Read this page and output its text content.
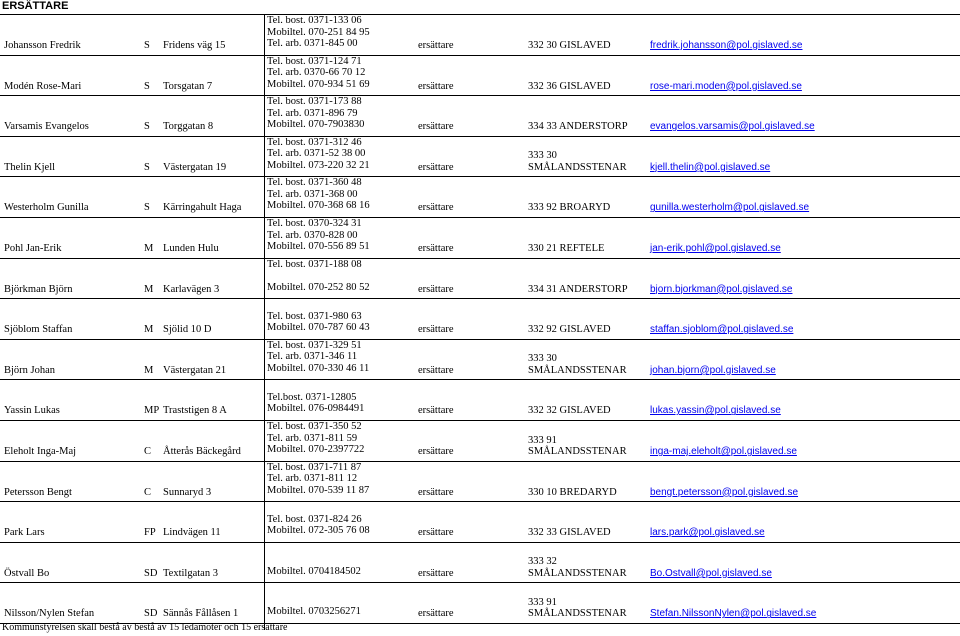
ERSÄTTARE
Johansson Fredrik	S Fridens väg 15
Tel. bost. 0371-133 06
Mobiltel. 070-251 84 95
Tel. arb. 0371-845 00	ersättare	332 30 GISLAVED	fredrik.johansson@pol.gislaved.se
Modén Rose-Mari	S Torsgatan 7
Tel. bost. 0371-124 71
Tel. arb. 0370-66 70 12
Mobiltel. 070-934 51 69	ersättare	332 36 GISLAVED	rose-mari.moden@pol.gislaved.se
Varsamis Evangelos	S Torggatan 8
Tel. bost. 0371-173 88
Tel. arb. 0371-896 79
Mobiltel. 070-7903830	ersättare	334 33 ANDERSTORP evangelos.varsamis@pol.gislaved.se
Thelin Kjell	S Västergatan 19
Tel. bost. 0371-312 46
Tel. arb. 0371-52 38 00
Mobiltel. 073-220 32 21	ersättare
333 30
SMÅLANDSSTENAR kjell.thelin@pol.gislaved.se
Westerholm Gunilla	S Kärringahult Haga
Tel. bost. 0371-360 48
Tel. arb. 0371-368 00
Mobiltel. 070-368 68 16	ersättare	333 92 BROARYD	gunilla.westerholm@pol.gislaved.se
Pohl Jan-Erik	M Lunden Hulu
Tel. bost. 0370-324 31
Tel. arb. 0370-828 00
Mobiltel. 070-556 89 51	ersättare	330 21 REFTELE	jan-erik.pohl@pol.gislaved.se
Björkman Björn	M Karlavägen 3
Tel. bost. 0371-188 08
Mobiltel. 070-252 80 52	ersättare	334 31 ANDERSTORP bjorn.bjorkman@pol.gislaved.se
Sjöblom Staffan	M Sjölid 10 D
Tel. bost. 0371-980 63
Mobiltel. 070-787 60 43	ersättare	332 92 GISLAVED	staffan.sjoblom@pol.gislaved.se
Björn Johan	M Västergatan 21
Tel. bost. 0371-329 51
Tel. arb. 0371-346 11
Mobiltel. 070-330 46 11	ersättare
333 30
SMÅLANDSSTENAR johan.bjorn@pol.gislaved.se
Yassin Lukas	MP Traststigen 8 A
Tel.bost. 0371-12805
Mobiltel. 076-0984491	ersättare	332 32 GISLAVED	lukas.yassin@pol.gislaved.se
Eleholt Inga-Maj	C Åtterås Bäckegård
Tel. bost. 0371-350 52
Tel. arb. 0371-811 59
Mobiltel. 070-2397722	ersättare
333 91
SMÅLANDSSTENAR inga-maj.eleholt@pol.gislaved.se
Petersson Bengt	C Sunnaryd 3
Tel. bost. 0371-711 87
Tel. arb. 0371-811 12
Mobiltel. 070-539 11 87	ersättare	330 10 BREDARYD	bengt.petersson@pol.gislaved.se
Park Lars	FP Lindvägen 11
Tel. bost. 0371-824 26
Mobiltel. 072-305 76 08	ersättare	332 33 GISLAVED	lars.park@pol.gislaved.se
Östvall Bo	SD Textilgatan 3	Mobiltel. 0704184502	ersättare
333 32
SMÅLANDSSTENAR Bo.Ostvall@pol.gislaved.se
Nilsson/Nylen Stefan	SD Sännås Fållåsen 1	Mobiltel. 0703256271	ersättare
333 91
SMÅLANDSSTENAR Stefan.NilssonNylen@pol.gislaved.se
Kommunstyrelsen skall bestå av bestå av 15 ledamöter och 15 ersättare
